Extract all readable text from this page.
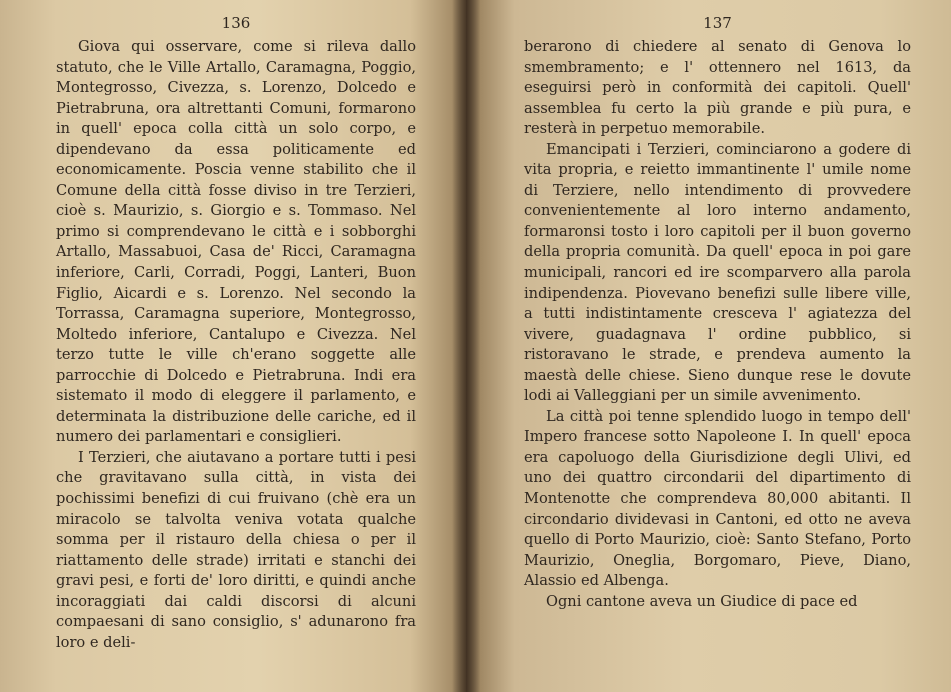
136

Giova qui osservare, come si rileva dallo statuto, che le Ville Artallo, Caramagna, Poggio, Montegrosso, Civezza, s. Lorenzo, Dolcedo e Pietrabruna, ora altrettanti Comuni, formarono in quell' epoca colla città un solo corpo, e dipendevano da essa politicamente ed economicamente. Poscia venne stabilito che il Comune della città fosse diviso in tre Terzieri, cioè s. Maurizio, s. Giorgio e s. Tommaso. Nel primo si comprendevano le città e i sobborghi Artallo, Massabuoi, Casa de' Ricci, Caramagna inferiore, Carli, Corradi, Poggi, Lanteri, Buon Figlio, Aicardi e s. Lorenzo. Nel secondo la Torrassa, Caramagna superiore, Montegrosso, Moltedo inferiore, Cantalupo e Civezza. Nel terzo tutte le ville ch'erano soggette alle parrocchie di Dolcedo e Pietrabruna. Indi era sistemato il modo di eleggere il parlamento, e determinata la distribuzione delle cariche, ed il numero dei parlamentari e consiglieri.

I Terzieri, che aiutavano a portare tutti i pesi che gravitavano sulla città, in vista dei pochissimi benefizi di cui fruivano (chè era un miracolo se talvolta veniva votata qualche somma per il ristauro della chiesa o per il riattamento delle strade) irritati e stanchi dei gravi pesi, e forti de' loro diritti, e quindi anche incoraggiati dai caldi discorsi di alcuni compaesani di sano consiglio, s' adunarono fra loro e deli-

137

berarono di chiedere al senato di Genova lo smembramento; e l' ottennero nel 1613, da eseguirsi però in conformità dei capitoli. Quell' assemblea fu certo la più grande e più pura, e resterà in perpetuo memorabile.

Emancipati i Terzieri, cominciarono a godere di vita propria, e reietto immantinente l' umile nome di Terziere, nello intendimento di provvedere convenientemente al loro interno andamento, formaronsi tosto i loro capitoli per il buon governo della propria comunità. Da quell' epoca in poi gare municipali, rancori ed ire scomparvero alla parola indipendenza. Piovevano benefizi sulle libere ville, a tutti indistintamente cresceva l' agiatezza del vivere, guadagnava l' ordine pubblico, si ristoravano le strade, e prendeva aumento la maestà delle chiese. Sieno dunque rese le dovute lodi ai Valleggiani per un simile avvenimento.

La città poi tenne splendido luogo in tempo dell' Impero francese sotto Napoleone I. In quell' epoca era capoluogo della Giurisdizione degli Ulivi, ed uno dei quattro circondarii del dipartimento di Montenotte che comprendeva 80,000 abitanti. Il circondario dividevasi in Cantoni, ed otto ne aveva quello di Porto Maurizio, cioè: Santo Stefano, Porto Maurizio, Oneglia, Borgomaro, Pieve, Diano, Alassio ed Albenga.

Ogni cantone aveva un Giudice di pace ed
